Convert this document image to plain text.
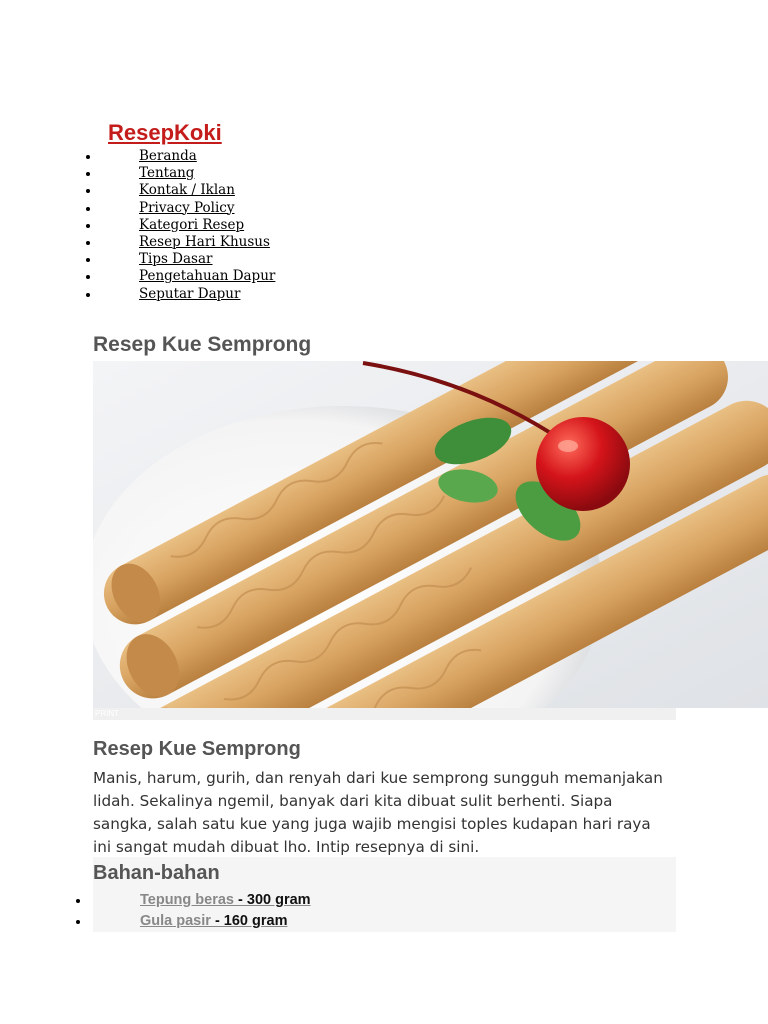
ResepKoki
Beranda
Tentang
Kontak / Iklan
Privacy Policy
Kategori Resep
Resep Hari Khusus
Tips Dasar
Pengetahuan Dapur
Seputar Dapur
Resep Kue Semprong
PRINT
Resep Kue Semprong

Manis, harum, gurih, dan renyah dari kue semprong sungguh memanjakan lidah. Sekalinya ngemil, banyak dari kita dibuat sulit berhenti. Siapa sangka, salah satu kue yang juga wajib mengisi toples kudapan hari raya ini sangat mudah dibuat lho. Intip resepnya di sini.

Bahan-bahan
Tepung beras - 300 gram
Gula pasir - 160 gram
